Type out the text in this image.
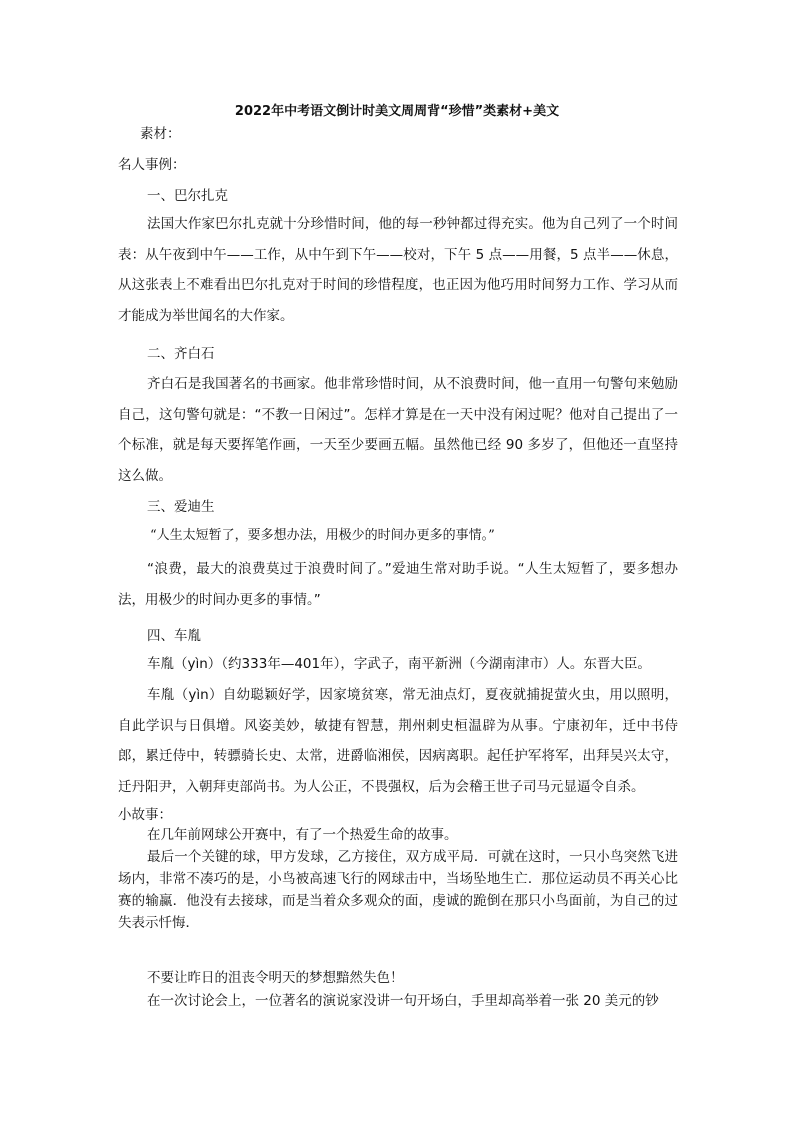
2022年中考语文倒计时美文周周背“珍惜”类素材+美文
素材：
名人事例：
一、巴尔扎克
法国大作家巴尔扎克就十分珍惜时间，他的每一秒钟都过得充实。他为自己列了一个时间表：从午夜到中午——工作，从中午到下午——校对，下午 5 点——用餐，5 点半——休息，从这张表上不难看出巴尔扎克对于时间的珍惜程度，也正因为他巧用时间努力工作、学习从而才能成为举世闻名的大作家。
二、齐白石
齐白石是我国著名的书画家。他非常珍惜时间，从不浪费时间，他一直用一句警句来勉励自己，这句警句就是：“不教一日闲过”。怎样才算是在一天中没有闲过呢？他对自己提出了一个标准，就是每天要挥笔作画，一天至少要画五幅。虽然他已经 90 多岁了，但他还一直坚持这么做。
三、爱迪生
“人生太短暂了，要多想办法，用极少的时间办更多的事情。”
“浪费，最大的浪费莫过于浪费时间了。”爱迪生常对助手说。“人生太短暂了，要多想办法，用极少的时间办更多的事情。”
四、车胤
车胤（yìn）（约333年—401年），字武子，南平新洲（今湖南津市）人。东晋大臣。
车胤（yìn）自幼聪颖好学，因家境贫寒，常无油点灯，夏夜就捕捉萤火虫，用以照明，自此学识与日俱增。风姿美妙，敏捷有智慧，荆州刺史桓温辟为从事。宁康初年，迁中书侍郎，累迁侍中，转骠骑长史、太常，进爵临湘侯，因病离职。起任护军将军，出拜吴兴太守，迁丹阳尹，入朝拜吏部尚书。为人公正，不畏强权，后为会稽王世子司马元显逼令自杀。
小故事：
在几年前网球公开赛中，有了一个热爱生命的故事。
最后一个关键的球，甲方发球，乙方接住，双方成平局．可就在这时，一只小鸟突然飞进场内，非常不凑巧的是，小鸟被高速飞行的网球击中，当场坠地生亡．那位运动员不再关心比赛的输赢．他没有去接球，而是当着众多观众的面，虔诚的跪倒在那只小鸟面前，为自己的过失表示忏悔．
不要让昨日的沮丧令明天的梦想黯然失色！
在一次讨论会上，一位著名的演说家没讲一句开场白，手里却高举着一张 20 美元的钞
